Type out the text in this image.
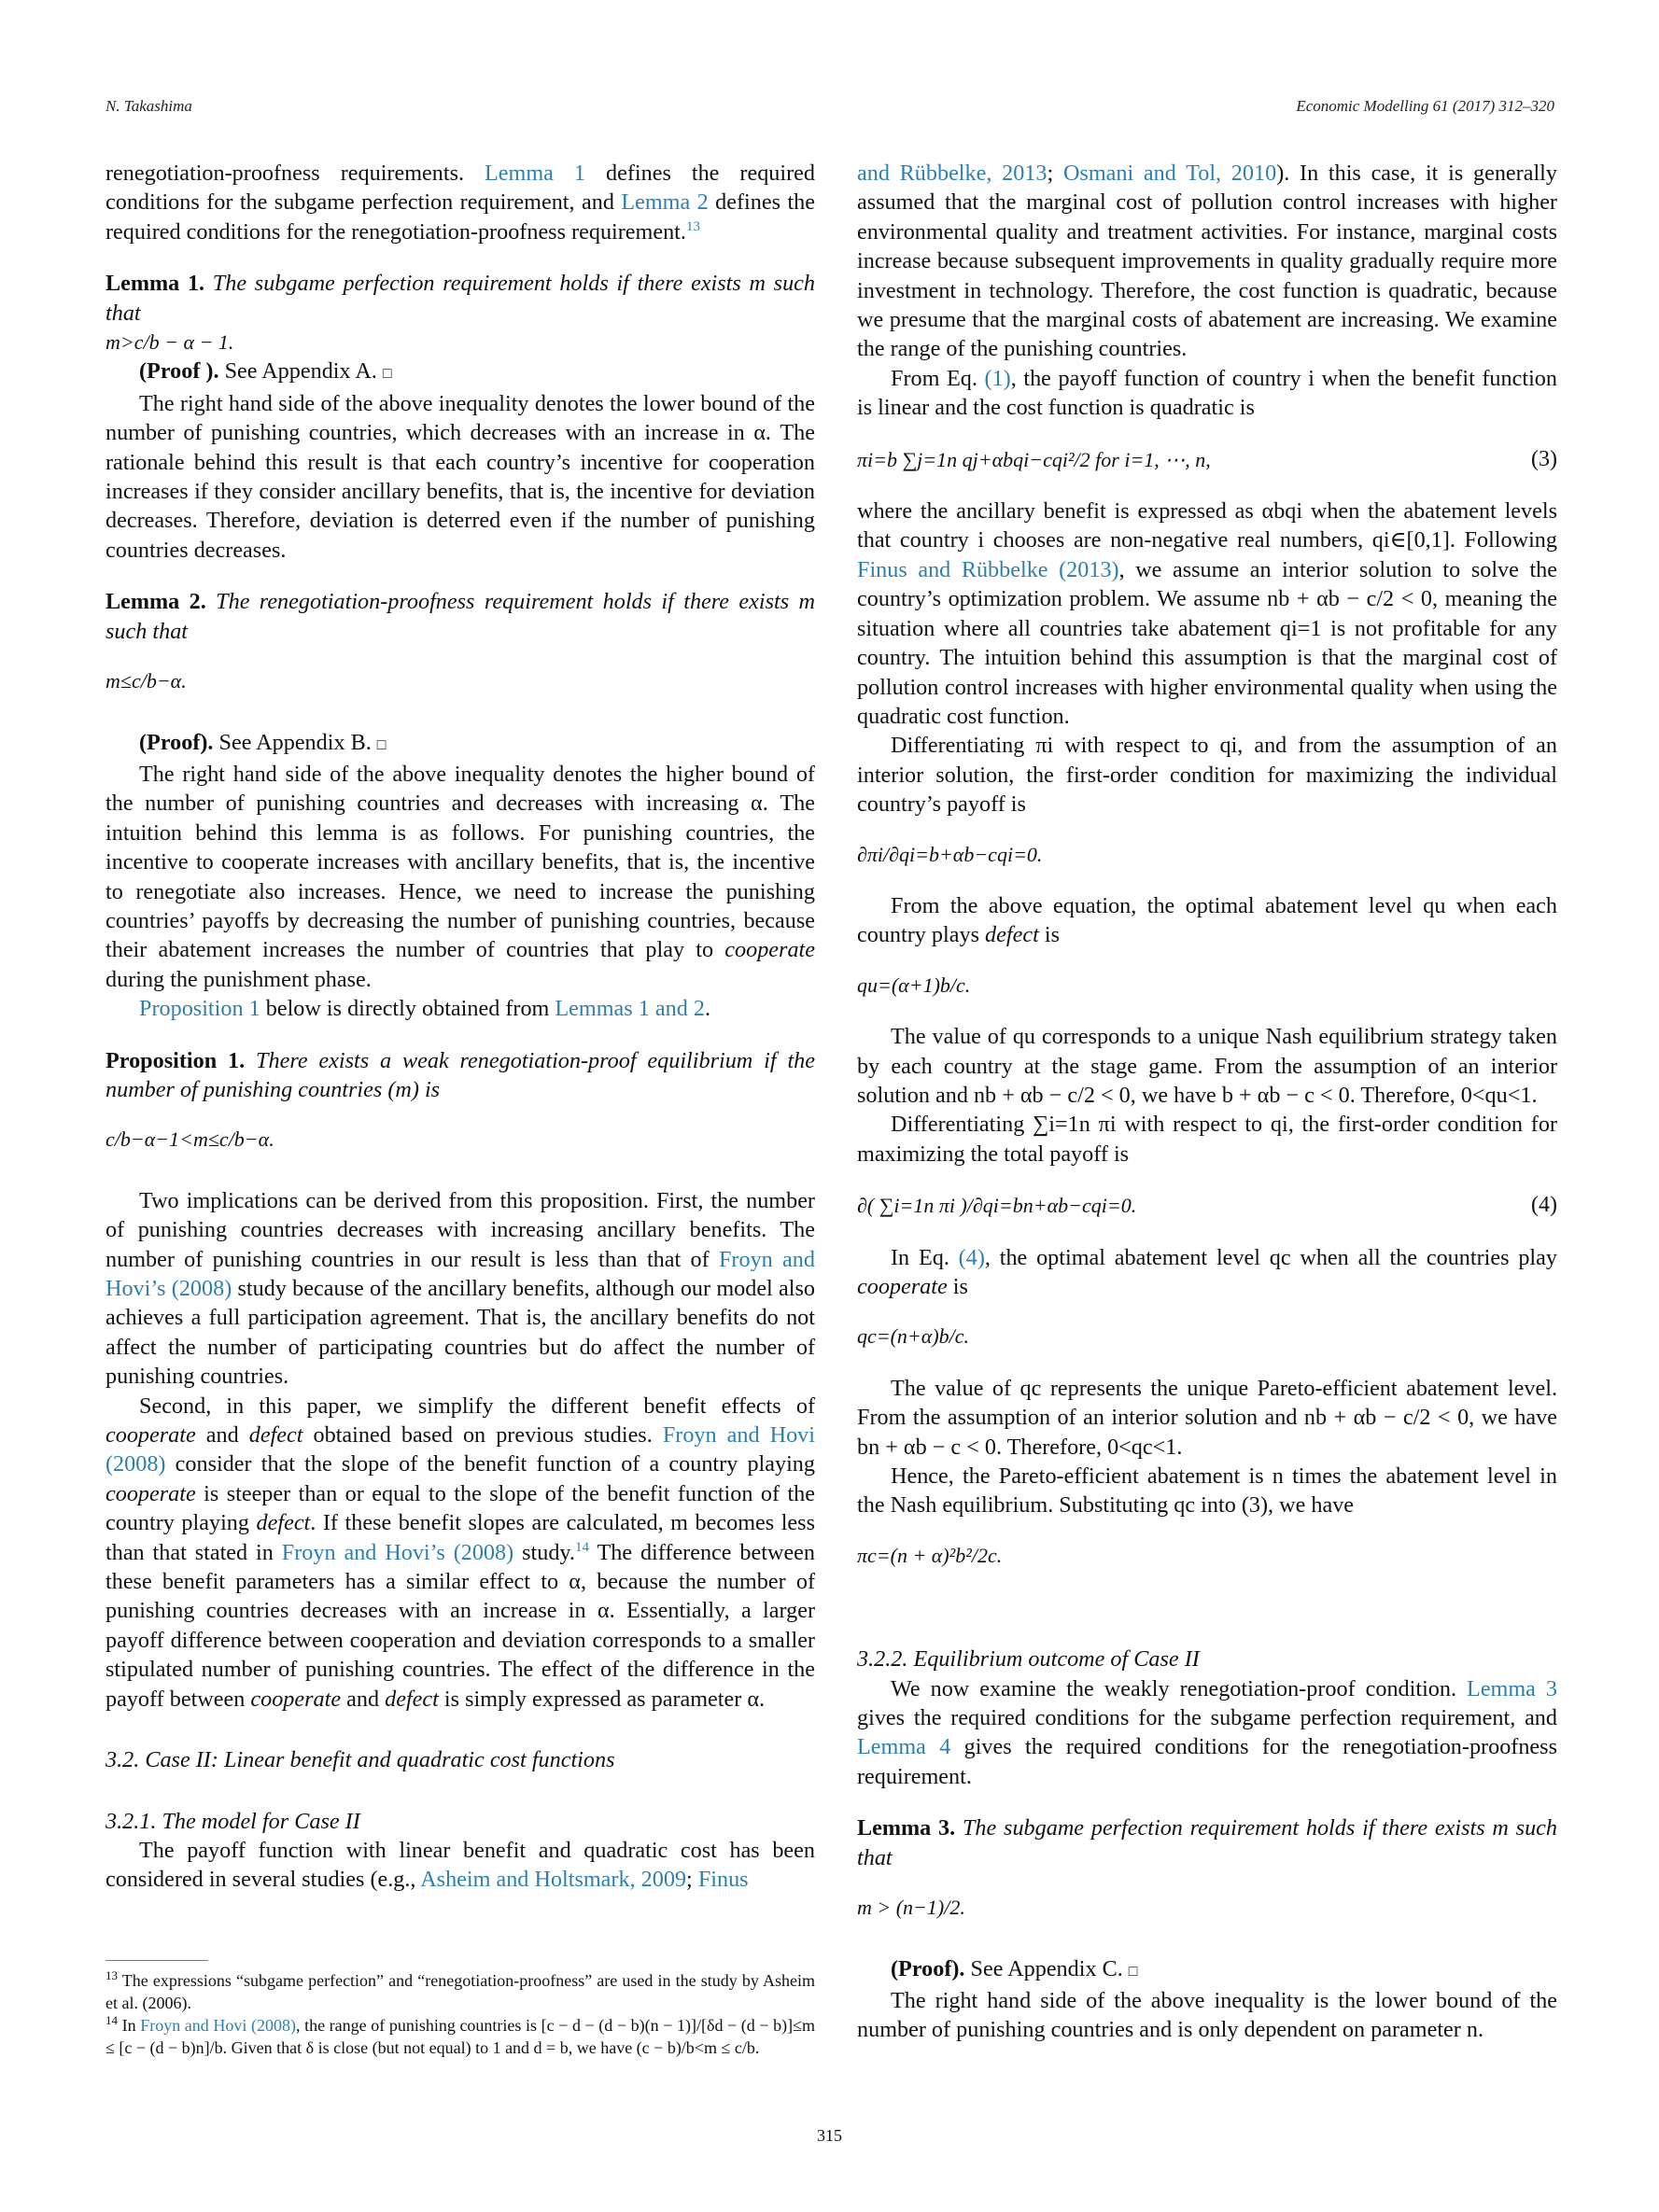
N. Takashima	Economic Modelling 61 (2017) 312–320

renegotiation-proofness requirements. Lemma 1 defines the required conditions for the subgame perfection requirement, and Lemma 2 defines the required conditions for the renegotiation-proofness requirement.$^{13}$

Lemma 1. The subgame perfection requirement holds if there exists m such that

m>c/b − α − 1.

(Proof ). See Appendix A. □

The right hand side of the above inequality denotes the lower bound of the number of punishing countries, which decreases with an increase in α. The rationale behind this result is that each country’s incentive for cooperation increases if they consider ancillary benefits, that is, the incentive for deviation decreases. Therefore, deviation is deterred even if the number of punishing countries decreases.

Lemma 2. The renegotiation-proofness requirement holds if there exists m such that

m≤c/b−α.

(Proof). See Appendix B. □

The right hand side of the above inequality denotes the higher bound of the number of punishing countries and decreases with increasing α. The intuition behind this lemma is as follows. For punishing countries, the incentive to cooperate increases with ancillary benefits, that is, the incentive to renegotiate also increases. Hence, we need to increase the punishing countries’ payoffs by decreasing the number of punishing countries, because their abatement increases the number of countries that play to cooperate during the punishment phase.

Proposition 1 below is directly obtained from Lemmas 1 and 2.

Proposition 1. There exists a weak renegotiation-proof equilibrium if the number of punishing countries (m) is

c/b−α−1<m≤c/b−α.

Two implications can be derived from this proposition. First, the number of punishing countries decreases with increasing ancillary benefits. The number of punishing countries in our result is less than that of Froyn and Hovi’s (2008) study because of the ancillary benefits, although our model also achieves a full participation agreement. That is, the ancillary benefits do not affect the number of participating countries but do affect the number of punishing countries.

Second, in this paper, we simplify the different benefit effects of cooperate and defect obtained based on previous studies. Froyn and Hovi (2008) consider that the slope of the benefit function of a country playing cooperate is steeper than or equal to the slope of the benefit function of the country playing defect. If these benefit slopes are calculated, m becomes less than that stated in Froyn and Hovi’s (2008) study.$^{14}$ The difference between these benefit parameters has a similar effect to α, because the number of punishing countries decreases with an increase in α. Essentially, a larger payoff difference between cooperation and deviation corresponds to a smaller stipulated number of punishing countries. The effect of the difference in the payoff between cooperate and defect is simply expressed as parameter α.

3.2. Case II: Linear benefit and quadratic cost functions

3.2.1. The model for Case II

The payoff function with linear benefit and quadratic cost has been considered in several studies (e.g., Asheim and Holtsmark, 2009; Finus

and Rübbelke, 2013; Osmani and Tol, 2010). In this case, it is generally assumed that the marginal cost of pollution control increases with higher environmental quality and treatment activities. For instance, marginal costs increase because subsequent improvements in quality gradually require more investment in technology. Therefore, the cost function is quadratic, because we presume that the marginal costs of abatement are increasing. We examine the range of the punishing countries.

From Eq. (1), the payoff function of country i when the benefit function is linear and the cost function is quadratic is

πi=b ∑j=1n qj+αbqi−cqi²/2 for i=1, ⋯, n,	(3)

where the ancillary benefit is expressed as αbqi when the abatement levels that country i chooses are non-negative real numbers, qi∈[0,1]. Following Finus and Rübbelke (2013), we assume an interior solution to solve the country’s optimization problem. We assume nb + αb − c/2 < 0, meaning the situation where all countries take abatement qi=1 is not profitable for any country. The intuition behind this assumption is that the marginal cost of pollution control increases with higher environmental quality when using the quadratic cost function.

Differentiating πi with respect to qi, and from the assumption of an interior solution, the first-order condition for maximizing the individual country’s payoff is

∂πi/∂qi=b+αb−cqi=0.

From the above equation, the optimal abatement level qu when each country plays defect is

qu=(α+1)b/c.

The value of qu corresponds to a unique Nash equilibrium strategy taken by each country at the stage game. From the assumption of an interior solution and nb + αb − c/2 < 0, we have b + αb − c < 0. Therefore, 0<qu<1.

Differentiating ∑i=1n πi with respect to qi, the first-order condition for maximizing the total payoff is

∂( ∑i=1n πi )/∂qi=bn+αb−cqi=0.	(4)

In Eq. (4), the optimal abatement level qc when all the countries play cooperate is

qc=(n+α)b/c.

The value of qc represents the unique Pareto-efficient abatement level. From the assumption of an interior solution and nb + αb − c/2 < 0, we have bn + αb − c < 0. Therefore, 0<qc<1.

Hence, the Pareto-efficient abatement is n times the abatement level in the Nash equilibrium. Substituting qc into (3), we have

πc=(n + α)²b²/2c.

3.2.2. Equilibrium outcome of Case II

We now examine the weakly renegotiation-proof condition. Lemma 3 gives the required conditions for the subgame perfection requirement, and Lemma 4 gives the required conditions for the renegotiation-proofness requirement.

Lemma 3. The subgame perfection requirement holds if there exists m such that

m > (n−1)/2.

(Proof). See Appendix C. □

The right hand side of the above inequality is the lower bound of the number of punishing countries and is only dependent on parameter n.

$^{13}$ The expressions “subgame perfection” and “renegotiation-proofness” are used in the study by Asheim et al. (2006).

$^{14}$ In Froyn and Hovi (2008), the range of punishing countries is [c − d − (d − b)(n − 1)]/[δd − (d − b)]≤m ≤ [c − (d − b)n]/b. Given that δ is close (but not equal) to 1 and d = b, we have (c − b)/b<m ≤ c/b.

315
